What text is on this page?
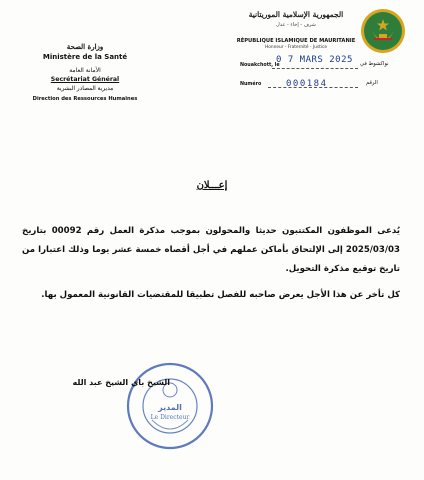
الجمهورية الإسلامية الموريتانية
شرف - إخاء - عدل
RÉPUBLIQUE ISLAMIQUE DE MAURITANIE
Honneur - Fraternité - Justice
وزارة الصحة
Ministère de la Santé
الأمانة العامة
Secrétariat Général
مديرية المصادر البشرية
Direction des Ressources Humaines
Nouakchott, le
0 7 MARS 2025 نواكشوط في
Numéro	000184	الرقم
إعـــلان

يُدعى الموظفون المكتتبون حديثا والمحولون بموجب مذكرة العمل رقم 00092 بتاريخ 2025/03/03 إلى الإلتحاق بأماكن عملهم في أجل أقصاه خمسة عشر يوما وذلك اعتبارا من تاريخ توقيع مذكرة التحويل.

كل تأخر عن هذا الأجل يعرض صاحبه للفصل تطبيقا للمقتضيات القانونية المعمول بها.

المدير
Le Directeur
الشيخ باي الشيخ عبد الله
